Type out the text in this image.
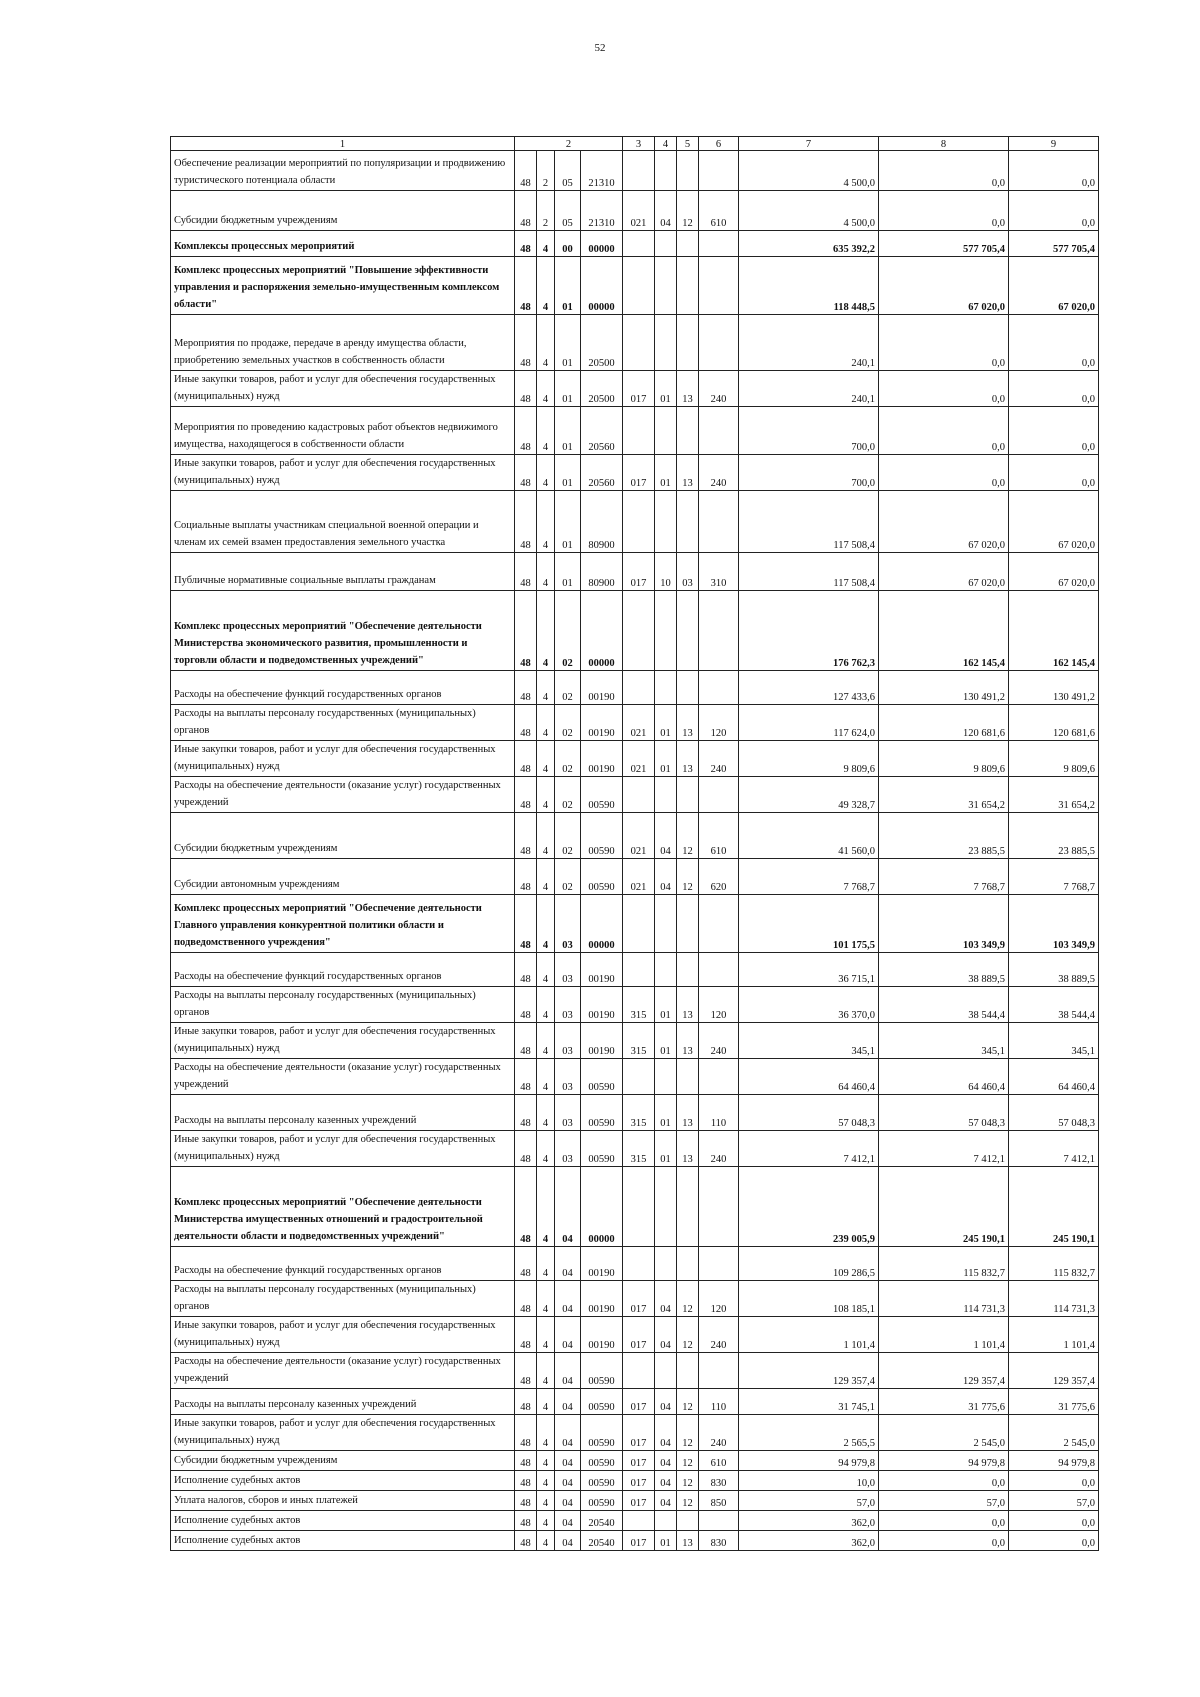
52
1	2				3	4	5	6	7	8	9
Обеспечение реализации мероприятий по популяризации и продвижению туристического потенциала области	48	2	05	21310					4 500,0	0,0	0,0
Субсидии бюджетным учреждениям	48	2	05	21310	021	04	12	610	4 500,0	0,0	0,0
Комплексы процессных мероприятий	48	4	00	00000					635 392,2	577 705,4	577 705,4
Комплекс процессных мероприятий "Повышение эффективности управления и распоряжения земельно-имущественным комплексом области"	48	4	01	00000					118 448,5	67 020,0	67 020,0
Мероприятия по продаже, передаче в аренду имущества области, приобретению земельных участков в собственность области	48	4	01	20500					240,1	0,0	0,0
Иные закупки товаров, работ и услуг для обеспечения государственных (муниципальных) нужд	48	4	01	20500	017	01	13	240	240,1	0,0	0,0
Мероприятия по проведению кадастровых работ объектов недвижимого имущества, находящегося в собственности области	48	4	01	20560					700,0	0,0	0,0
Иные закупки товаров, работ и услуг для обеспечения государственных (муниципальных) нужд	48	4	01	20560	017	01	13	240	700,0	0,0	0,0
Социальные выплаты участникам специальной военной операции и членам их семей взамен предоставления земельного участка	48	4	01	80900					117 508,4	67 020,0	67 020,0
Публичные нормативные социальные выплаты гражданам	48	4	01	80900	017	10	03	310	117 508,4	67 020,0	67 020,0
Комплекс процессных мероприятий "Обеспечение деятельности Министерства экономического развития, промышленности и торговли области и подведомственных учреждений"	48	4	02	00000					176 762,3	162 145,4	162 145,4
Расходы на обеспечение функций государственных органов	48	4	02	00190					127 433,6	130 491,2	130 491,2
Расходы на выплаты персоналу государственных (муниципальных) органов	48	4	02	00190	021	01	13	120	117 624,0	120 681,6	120 681,6
Иные закупки товаров, работ и услуг для обеспечения государственных (муниципальных) нужд	48	4	02	00190	021	01	13	240	9 809,6	9 809,6	9 809,6
Расходы на обеспечение деятельности (оказание услуг) государственных учреждений	48	4	02	00590					49 328,7	31 654,2	31 654,2
Субсидии бюджетным учреждениям	48	4	02	00590	021	04	12	610	41 560,0	23 885,5	23 885,5
Субсидии автономным учреждениям	48	4	02	00590	021	04	12	620	7 768,7	7 768,7	7 768,7
Комплекс процессных мероприятий "Обеспечение деятельности Главного управления конкурентной политики области и подведомственного учреждения"	48	4	03	00000					101 175,5	103 349,9	103 349,9
Расходы на обеспечение функций государственных органов	48	4	03	00190					36 715,1	38 889,5	38 889,5
Расходы на выплаты персоналу государственных (муниципальных) органов	48	4	03	00190	315	01	13	120	36 370,0	38 544,4	38 544,4
Иные закупки товаров, работ и услуг для обеспечения государственных (муниципальных) нужд	48	4	03	00190	315	01	13	240	345,1	345,1	345,1
Расходы на обеспечение деятельности (оказание услуг) государственных учреждений	48	4	03	00590					64 460,4	64 460,4	64 460,4
Расходы на выплаты персоналу казенных учреждений	48	4	03	00590	315	01	13	110	57 048,3	57 048,3	57 048,3
Иные закупки товаров, работ и услуг для обеспечения государственных (муниципальных) нужд	48	4	03	00590	315	01	13	240	7 412,1	7 412,1	7 412,1
Комплекс процессных мероприятий "Обеспечение деятельности Министерства имущественных отношений и градостроительной деятельности области и подведомственных учреждений"	48	4	04	00000					239 005,9	245 190,1	245 190,1
Расходы на обеспечение функций государственных органов	48	4	04	00190					109 286,5	115 832,7	115 832,7
Расходы на выплаты персоналу государственных (муниципальных) органов	48	4	04	00190	017	04	12	120	108 185,1	114 731,3	114 731,3
Иные закупки товаров, работ и услуг для обеспечения государственных (муниципальных) нужд	48	4	04	00190	017	04	12	240	1 101,4	1 101,4	1 101,4
Расходы на обеспечение деятельности (оказание услуг) государственных учреждений	48	4	04	00590					129 357,4	129 357,4	129 357,4
Расходы на выплаты персоналу казенных учреждений	48	4	04	00590	017	04	12	110	31 745,1	31 775,6	31 775,6
Иные закупки товаров, работ и услуг для обеспечения государственных (муниципальных) нужд	48	4	04	00590	017	04	12	240	2 565,5	2 545,0	2 545,0
Субсидии бюджетным учреждениям	48	4	04	00590	017	04	12	610	94 979,8	94 979,8	94 979,8
Исполнение судебных актов	48	4	04	00590	017	04	12	830	10,0	0,0	0,0
Уплата налогов, сборов и иных платежей	48	4	04	00590	017	04	12	850	57,0	57,0	57,0
Исполнение судебных актов	48	4	04	20540					362,0	0,0	0,0
Исполнение судебных актов	48	4	04	20540	017	01	13	830	362,0	0,0	0,0
